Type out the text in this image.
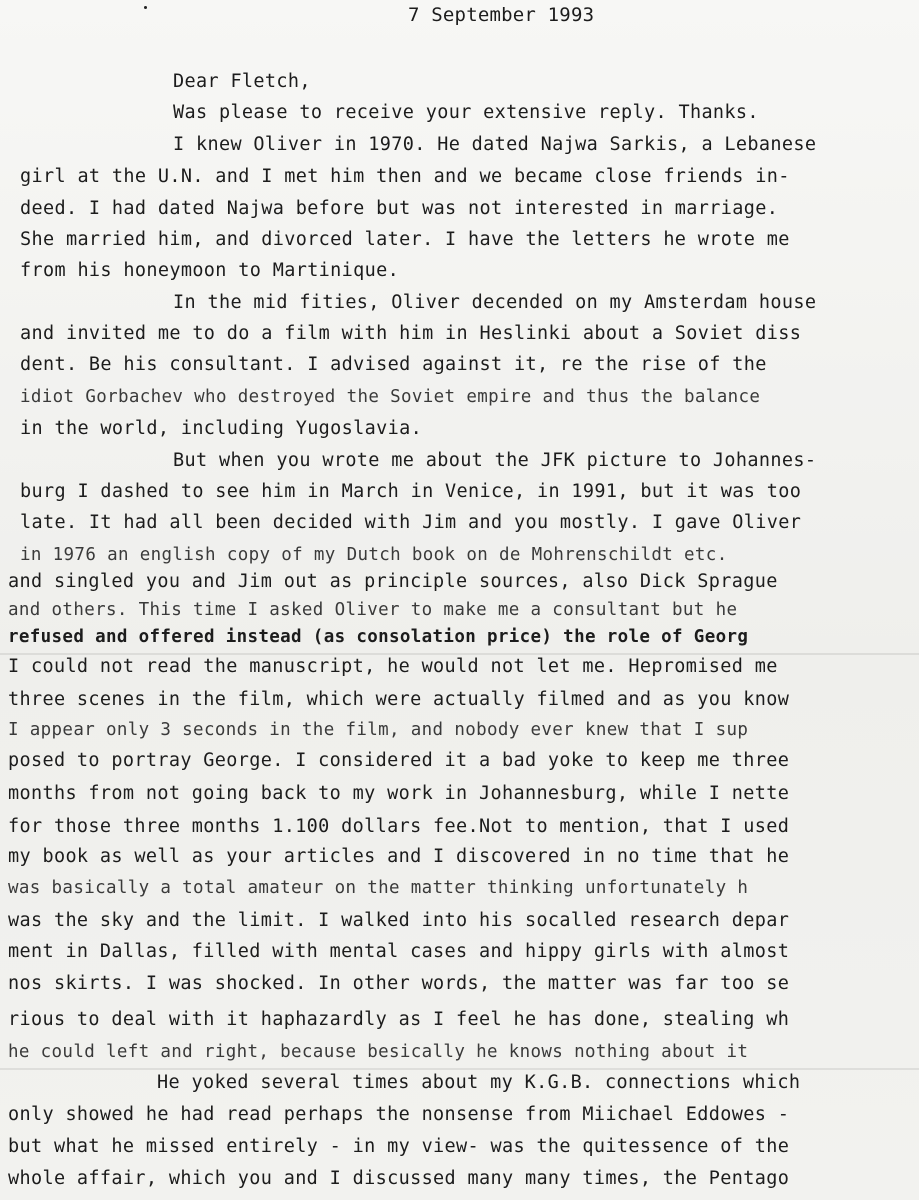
7 September 1993
Dear Fletch,
Was please to receive your extensive reply. Thanks.
I knew Oliver in 1970. He dated Najwa Sarkis, a Lebanese
girl at the U.N. and I met him then and we became close friends in-
deed. I had dated Najwa before but was not interested in marriage.
She married him, and divorced later. I have the letters he wrote me
from his honeymoon to Martinique.
In the mid fities, Oliver decended on my Amsterdam house
and invited me to do a film with him in Heslinki about a Soviet diss
dent. Be his consultant. I advised against it, re the rise of the
idiot Gorbachev who destroyed the Soviet empire and thus the balance
in the world, including Yugoslavia.
But when you wrote me about the JFK picture to Johannes-
burg I dashed to see him in March in Venice, in 1991, but it was too
late. It had all been decided with Jim and you mostly. I gave Oliver
in 1976 an english copy of my Dutch book on de Mohrenschildt etc.
and singled you and Jim out as principle sources, also Dick Sprague
and others. This time I asked Oliver to make me a consultant but he
refused and offered instead (as consolation price) the role of Georg
I could not read the manuscript, he would not let me. Hepromised me
three scenes in the film, which were actually filmed and as you know
I appear only 3 seconds in the film, and nobody ever knew that I sup
posed to portray George. I considered it a bad yoke to keep me three
months from not going back to my work in Johannesburg, while I nette
for those three months 1.100 dollars fee.Not to mention, that I used
my book as well as your articles and I discovered in no time that he
was basically a total amateur on the matter thinking unfortunately h
was the sky and the limit. I walked into his socalled research depar
ment in Dallas, filled with mental cases and hippy girls with almost
nos skirts. I was shocked. In other words, the matter was far too se
rious to deal with it haphazardly as I feel he has done, stealing wh
he could left and right, because besically he knows nothing about it
He yoked several times about my K.G.B. connections which
only showed he had read perhaps the nonsense from Miichael Eddowes -
but what he missed entirely - in my view- was the quitessence of the
whole affair, which you and I discussed many many times, the Pentago
